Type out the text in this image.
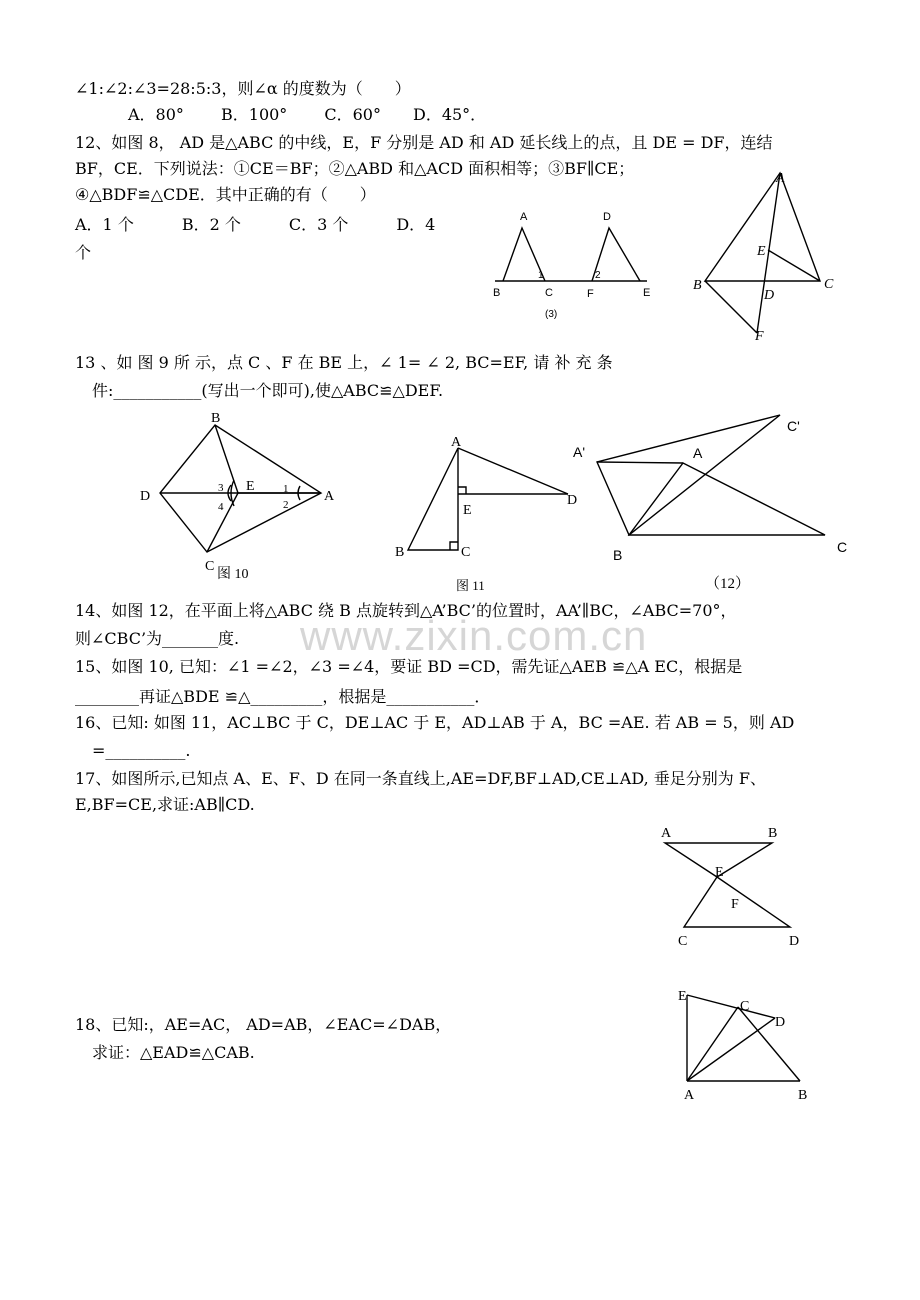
∠1:∠2:∠3=28:5:3，则∠α 的度数为（　　）
A．80°　　 B．100°　　 C．60°　　D．45°．
12、如图 8， AD 是△ABC 的中线，E，F 分别是 AD 和 AD 延长线上的点，且 DE = DF，连结
BF，CE．下列说法：①CE＝BF；②△ABD 和△ACD 面积相等；③BF∥CE；
④△BDF≌△CDE．其中正确的有（　　）
A．1 个　　　B．2 个　　　C．3 个　　　D．4
个
A
B	C
D
E
F
1	2
(3)
A
B	C
D
E
F
13 、如 图 9 所 示，点 C 、F 在 BE 上，∠ 1= ∠ 2, BC=EF, 请 补 充 条
件:___________(写出一个即可),使△ABC≌△DEF.
B
D	A
C
E	1
2
3
4
图 10
A
B	C
D
E
图 11
A'	A
B	C
C'
（12）
14、如图 12，在平面上将△ABC 绕 B 点旋转到△A’BC’的位置时，AA’∥BC，∠ABC=70°，
则∠CBC’为_______度.
15、如图 10, 已知：∠1 =∠2，∠3 =∠4，要证 BD =CD，需先证△AEB ≌△A EC，根据是
________再证△BDE ≌△_________，根据是___________．
16、已知: 如图 11，AC⊥BC 于 C，DE⊥AC 于 E，AD⊥AB 于 A，BC =AE. 若 AB = 5，则 AD
=__________.
17、如图所示,已知点 A、E、F、D 在同一条直线上,AE=DF,BF⊥AD,CE⊥AD, 垂足分别为 F、
E,BF=CE,求证:AB∥CD.
www.zixin.com.cn
A	B
C	D
E
F
18、已知:，AE=AC， AD=AB，∠EAC=∠DAB，
求证：△EAD≌△CAB.
E
C
D
A	B
